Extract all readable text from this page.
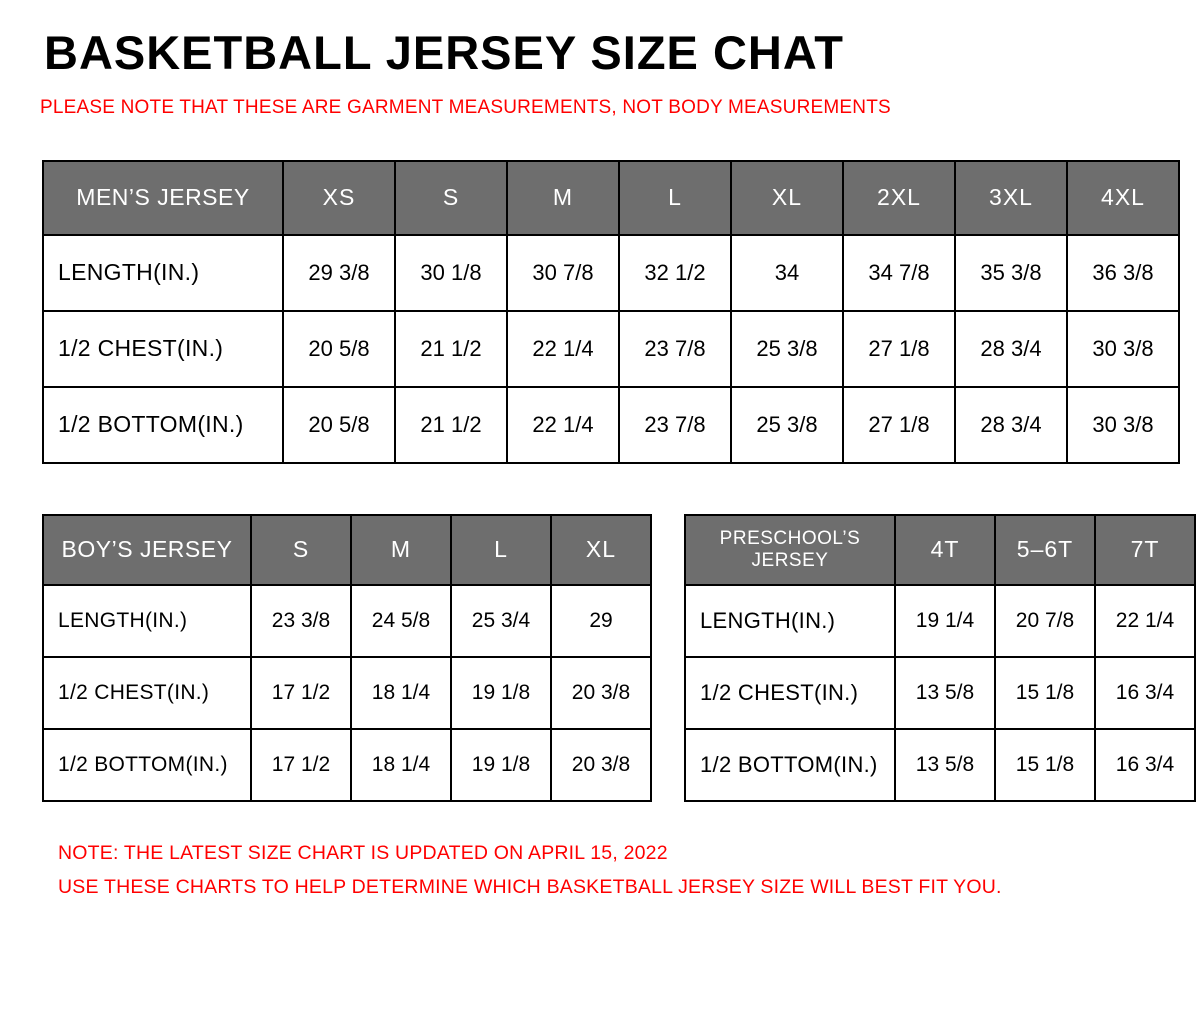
BASKETBALL JERSEY SIZE CHAT

PLEASE NOTE THAT THESE ARE GARMENT MEASUREMENTS, NOT BODY MEASUREMENTS

MEN’S JERSEY	XS	S	M	L	XL	2XL	3XL	4XL
LENGTH(IN.)	29 3/8	30 1/8	30 7/8	32 1/2	34	34 7/8	35 3/8	36 3/8
1/2 CHEST(IN.)	20 5/8	21 1/2	22 1/4	23 7/8	25 3/8	27 1/8	28 3/4	30 3/8
1/2 BOTTOM(IN.)	20 5/8	21 1/2	22 1/4	23 7/8	25 3/8	27 1/8	28 3/4	30 3/8
BOY’S JERSEY	S	M	L	XL
LENGTH(IN.)	23 3/8	24 5/8	25 3/4	29
1/2 CHEST(IN.)	17 1/2	18 1/4	19 1/8	20 3/8
1/2 BOTTOM(IN.)	17 1/2	18 1/4	19 1/8	20 3/8
PRESCHOOL’S JERSEY	4T	5–6T	7T
LENGTH(IN.)	19 1/4	20 7/8	22 1/4
1/2 CHEST(IN.)	13 5/8	15 1/8	16 3/4
1/2 BOTTOM(IN.)	13 5/8	15 1/8	16 3/4
NOTE: THE LATEST SIZE CHART IS UPDATED ON APRIL 15, 2022
USE THESE CHARTS TO HELP DETERMINE WHICH BASKETBALL JERSEY SIZE WILL BEST FIT YOU.
